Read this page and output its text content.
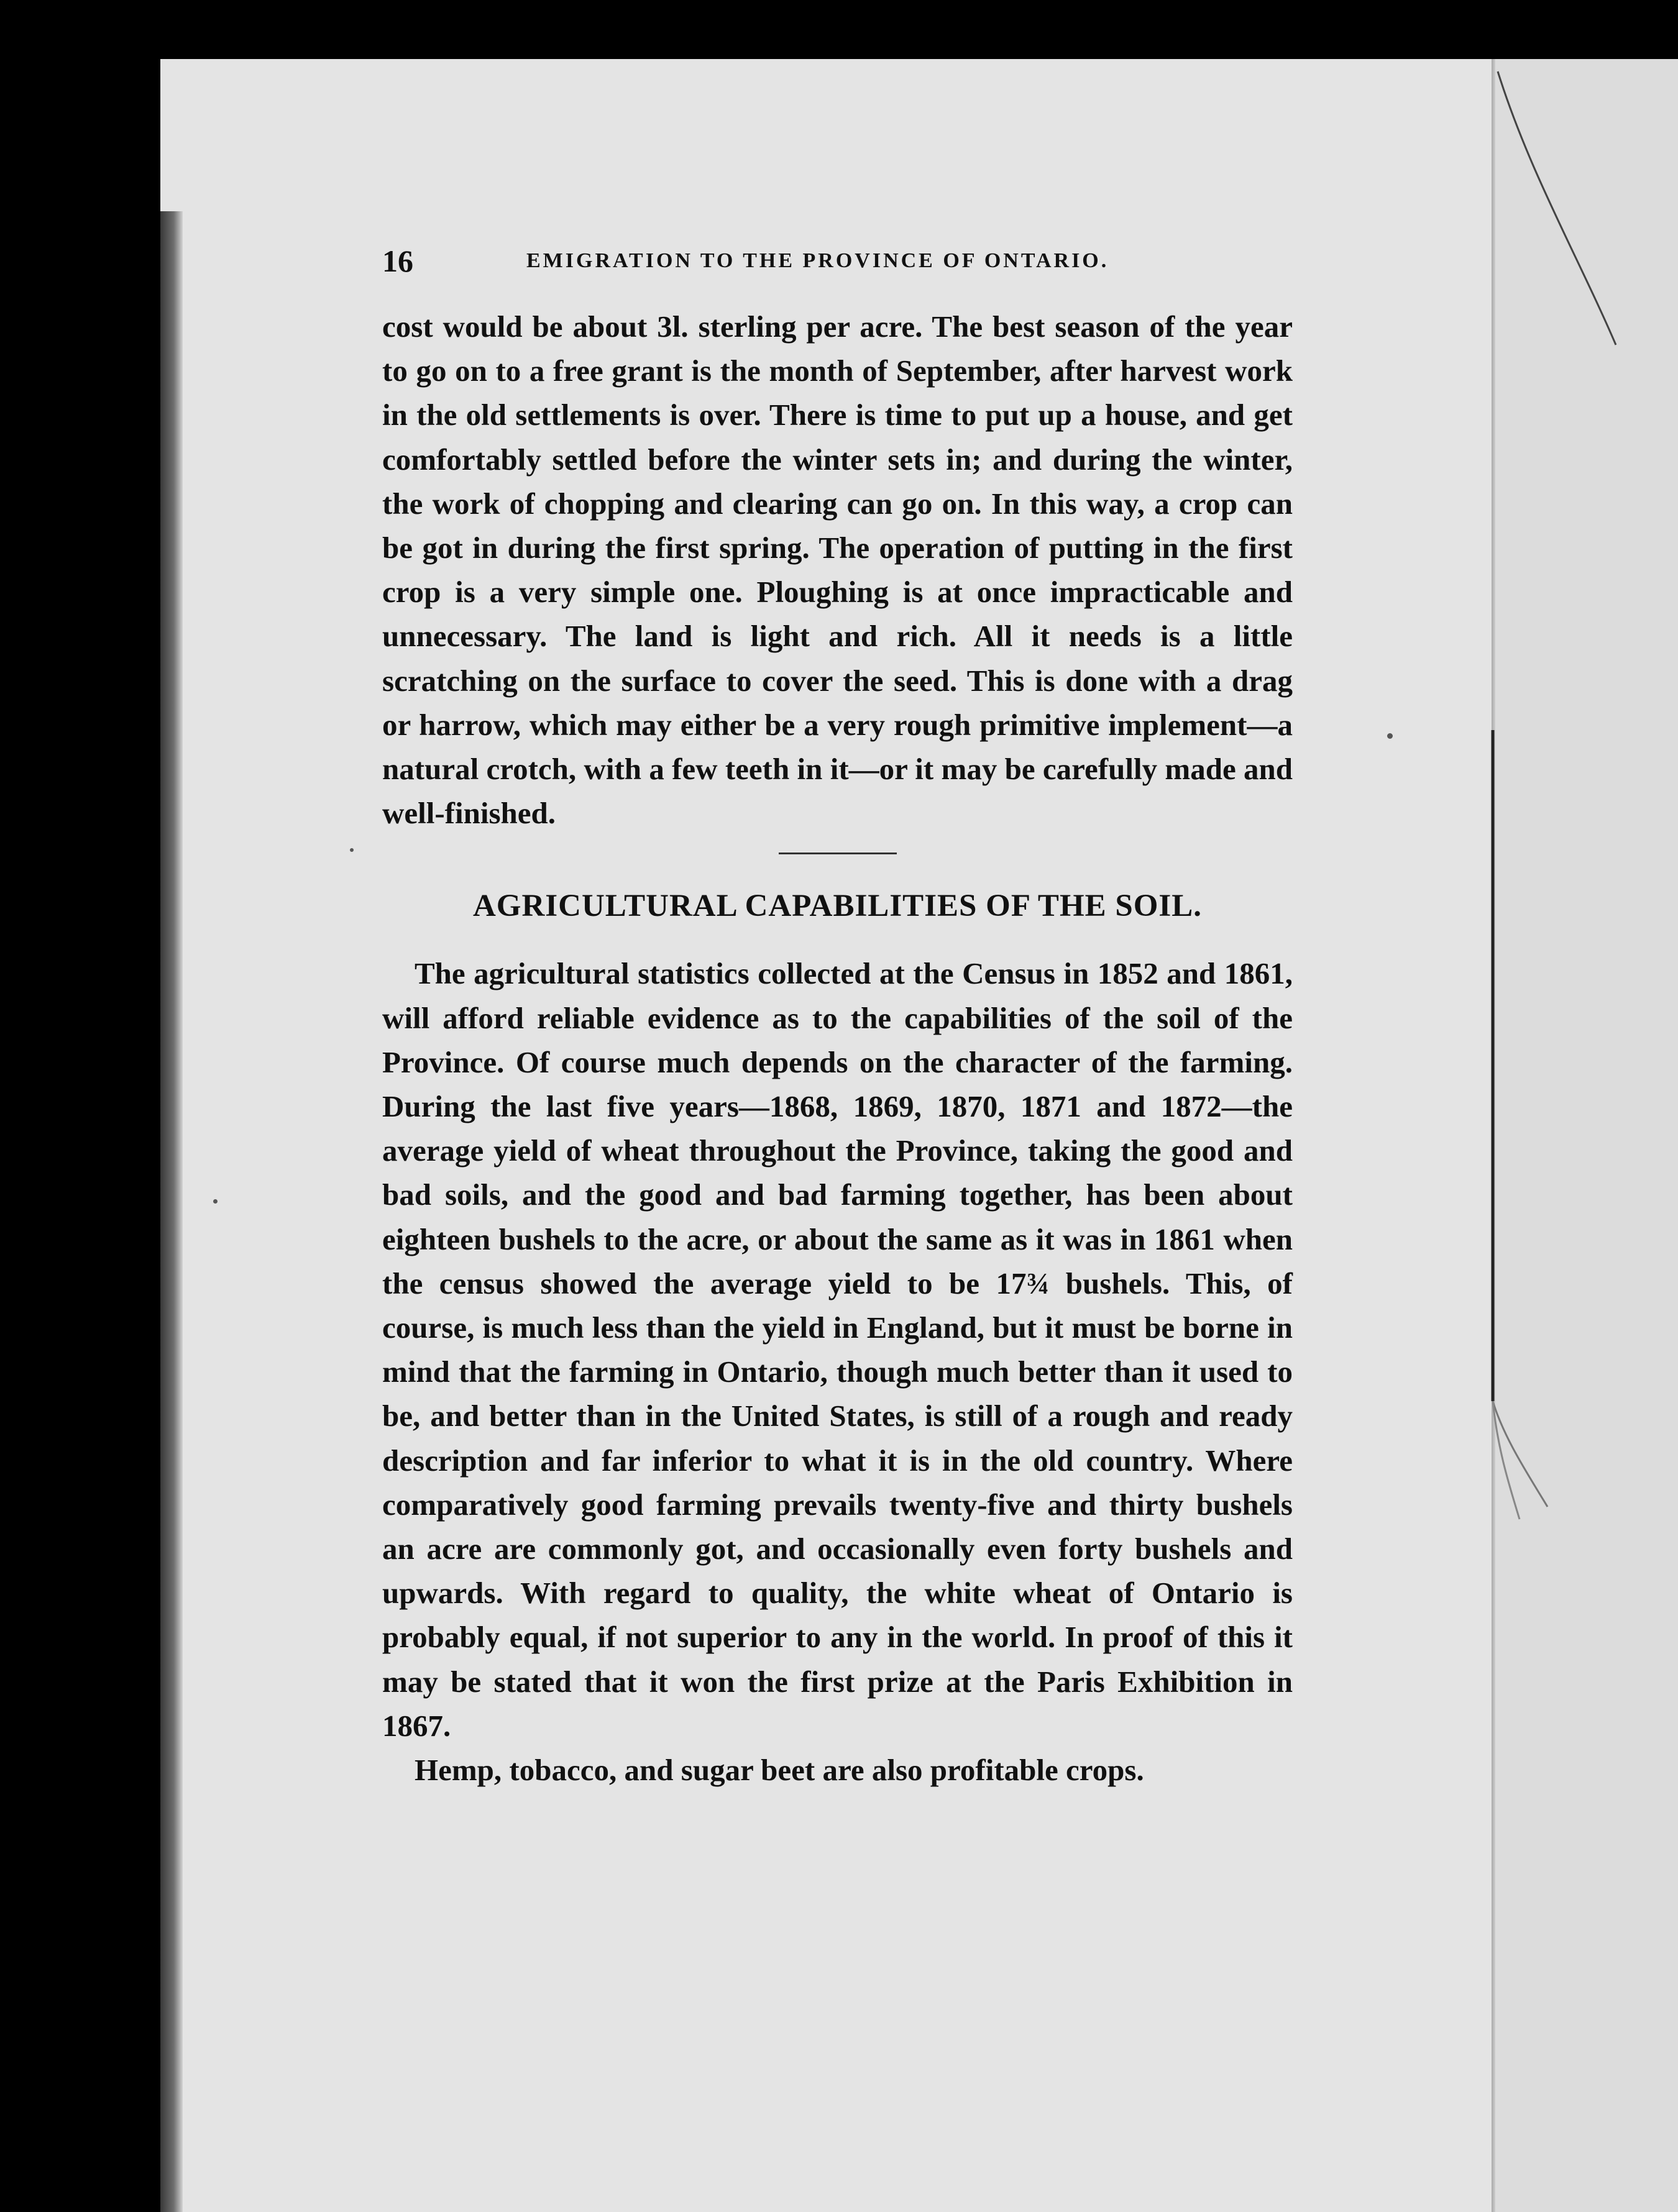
16	EMIGRATION TO THE PROVINCE OF ONTARIO.

cost would be about 3l. sterling per acre. The best season of the year to go on to a free grant is the month of September, after harvest work in the old settlements is over. There is time to put up a house, and get comfortably settled before the winter sets in; and during the winter, the work of chopping and clearing can go on. In this way, a crop can be got in during the first spring. The operation of putting in the first crop is a very simple one. Ploughing is at once impracticable and unnecessary. The land is light and rich. All it needs is a little scratching on the surface to cover the seed. This is done with a drag or harrow, which may either be a very rough primitive implement—a natural crotch, with a few teeth in it—or it may be carefully made and well-finished.

AGRICULTURAL CAPABILITIES OF THE SOIL.

The agricultural statistics collected at the Census in 1852 and 1861, will afford reliable evidence as to the capabilities of the soil of the Province. Of course much depends on the character of the farming. During the last five years—1868, 1869, 1870, 1871 and 1872—the average yield of wheat throughout the Province, taking the good and bad soils, and the good and bad farming together, has been about eighteen bushels to the acre, or about the same as it was in 1861 when the census showed the average yield to be 17¾ bushels. This, of course, is much less than the yield in England, but it must be borne in mind that the farming in Ontario, though much better than it used to be, and better than in the United States, is still of a rough and ready description and far inferior to what it is in the old country. Where comparatively good farming prevails twenty-five and thirty bushels an acre are commonly got, and occasionally even forty bushels and upwards. With regard to quality, the white wheat of Ontario is probably equal, if not superior to any in the world. In proof of this it may be stated that it won the first prize at the Paris Exhibition in 1867.

Hemp, tobacco, and sugar beet are also profitable crops.
